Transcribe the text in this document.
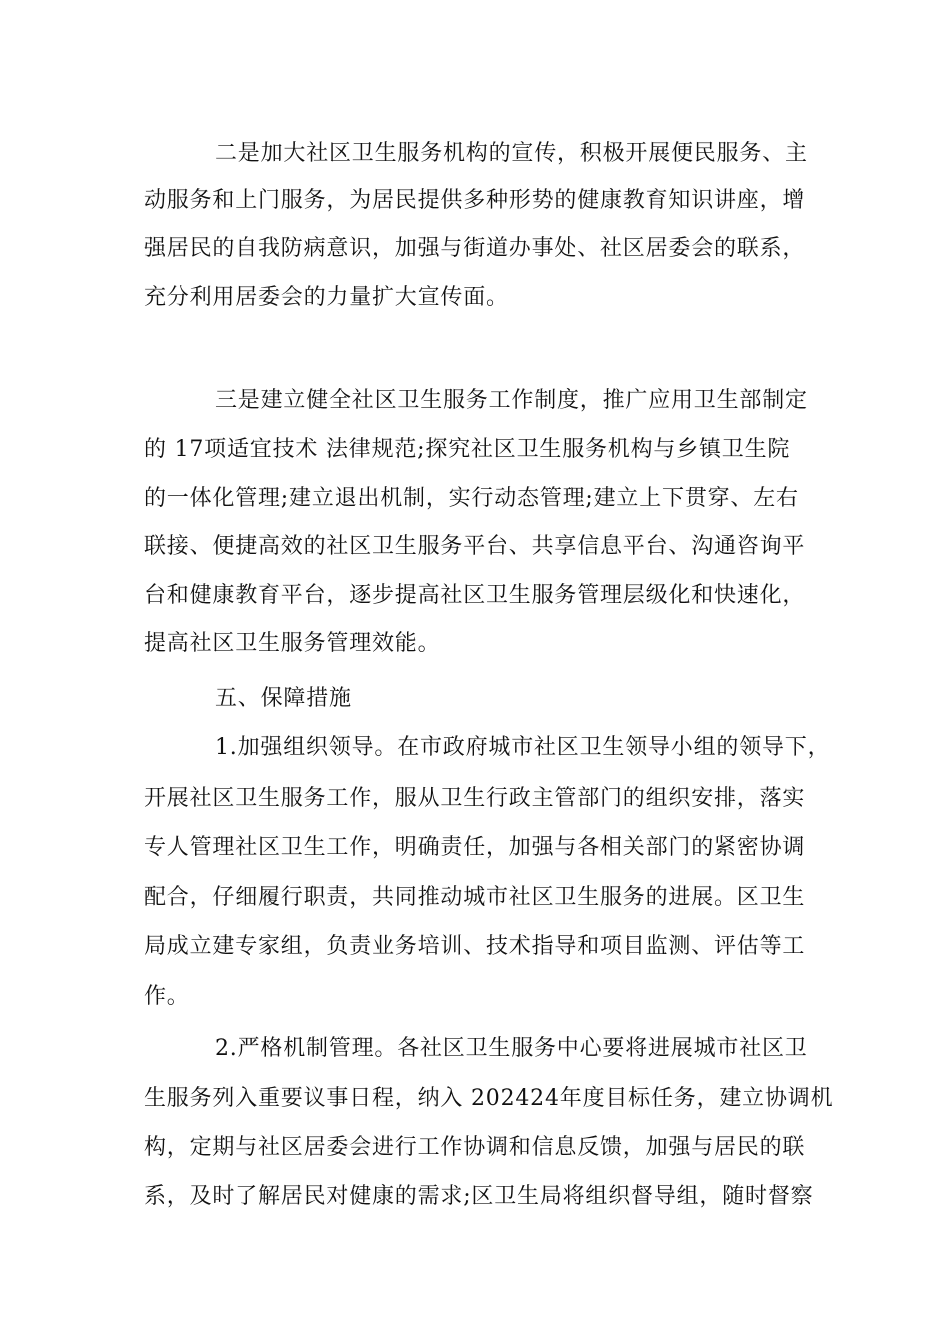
二是加大社区卫生服务机构的宣传，积极开展便民服务、主
动服务和上门服务，为居民提供多种形势的健康教育知识讲座，增
强居民的自我防病意识，加强与街道办事处、社区居委会的联系，
充分利用居委会的力量扩大宣传面。
三是建立健全社区卫生服务工作制度，推广应用卫生部制定
的 17项适宜技术 法律规范;探究社区卫生服务机构与乡镇卫生院
的一体化管理;建立退出机制，实行动态管理;建立上下贯穿、左右
联接、便捷高效的社区卫生服务平台、共享信息平台、沟通咨询平
台和健康教育平台，逐步提高社区卫生服务管理层级化和快速化，
提高社区卫生服务管理效能。
五、保障措施
1.加强组织领导。在市政府城市社区卫生领导小组的领导下，
开展社区卫生服务工作，服从卫生行政主管部门的组织安排，落实
专人管理社区卫生工作，明确责任，加强与各相关部门的紧密协调
配合，仔细履行职责，共同推动城市社区卫生服务的进展。区卫生
局成立建专家组，负责业务培训、技术指导和项目监测、评估等工
作。
2.严格机制管理。各社区卫生服务中心要将进展城市社区卫
生服务列入重要议事日程，纳入 202424年度目标任务，建立协调机
构，定期与社区居委会进行工作协调和信息反馈，加强与居民的联
系，及时了解居民对健康的需求;区卫生局将组织督导组，随时督察
